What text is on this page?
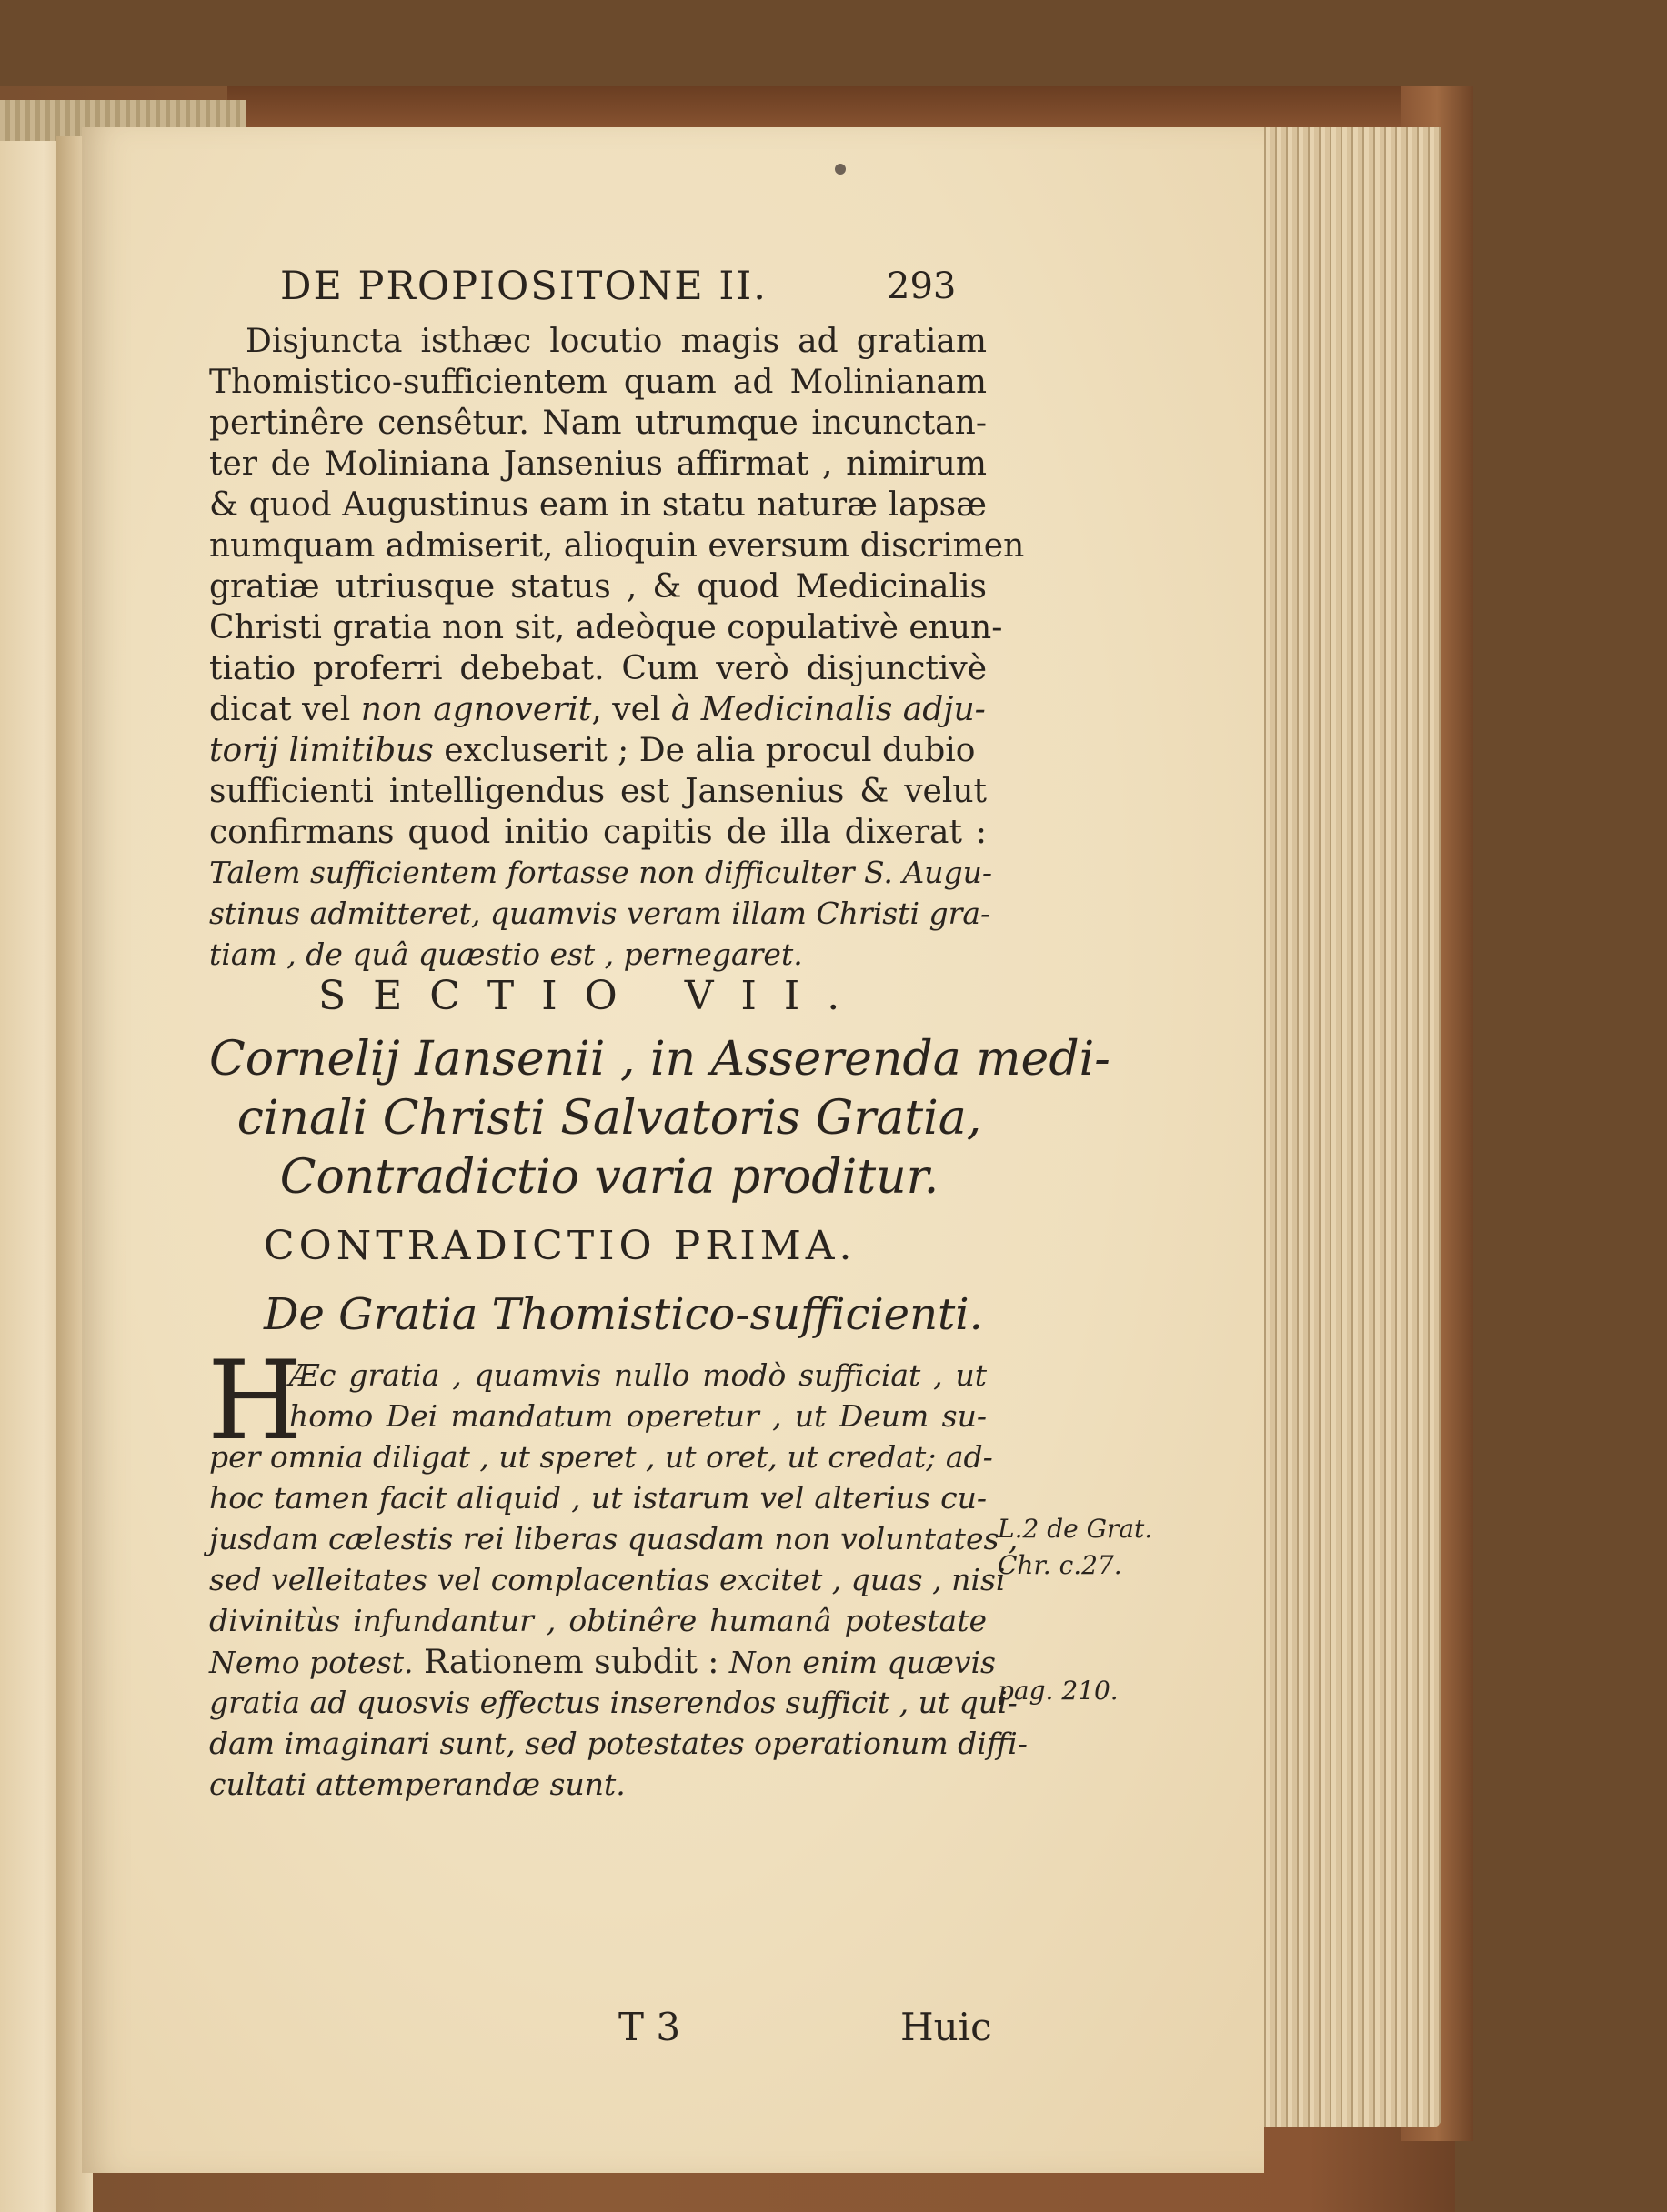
DE PROPIOSITONE II.	293

Disjuncta isthæc locutio magis ad gratiam

Thomistico-sufficientem quam ad Molinianam

pertinêre censêtur. Nam utrumque incunctan-

ter de Moliniana Jansenius affirmat , nimirum

& quod Augustinus eam in statu naturæ lapsæ

numquam admiserit, alioquin eversum discrimen

gratiæ utriusque status , & quod Medicinalis

Christi gratia non sit, adeòque copulativè enun-

tiatio proferri debebat. Cum verò disjunctivè

dicat vel non agnoverit, vel à Medicinalis adju-

torij limitibus excluserit ; De alia procul dubio

sufficienti intelligendus est Jansenius & velut

confirmans quod initio capitis de illa dixerat :

Talem sufficientem fortasse non difficulter S. Augu-

stinus admitteret, quamvis veram illam Christi gra-

tiam , de quâ quæstio est , pernegaret.

SECTIO VII.

Cornelij Iansenii , in Asserenda medi-

cinali Christi Salvatoris Gratia,

Contradictio varia proditur.

CONTRADICTIO PRIMA.

De Gratia Thomistico-sufficienti.

H

Æc gratia , quamvis nullo modò sufficiat , ut

homo Dei mandatum operetur , ut Deum su-

per omnia diligat , ut speret , ut oret, ut credat; ad-

hoc tamen facit aliquid , ut istarum vel alterius cu-

jusdam cælestis rei liberas quasdam non voluntates ,

sed velleitates vel complacentias excitet , quas , nisi

divinitùs infundantur , obtinêre humanâ potestate

Nemo potest. Rationem subdit : Non enim quævis

gratia ad quosvis effectus inserendos sufficit , ut qui-

dam imaginari sunt, sed potestates operationum diffi-

cultati attemperandæ sunt.

L.2 de Grat.

Chr. c.27.

pag. 210.

T 3	Huic
